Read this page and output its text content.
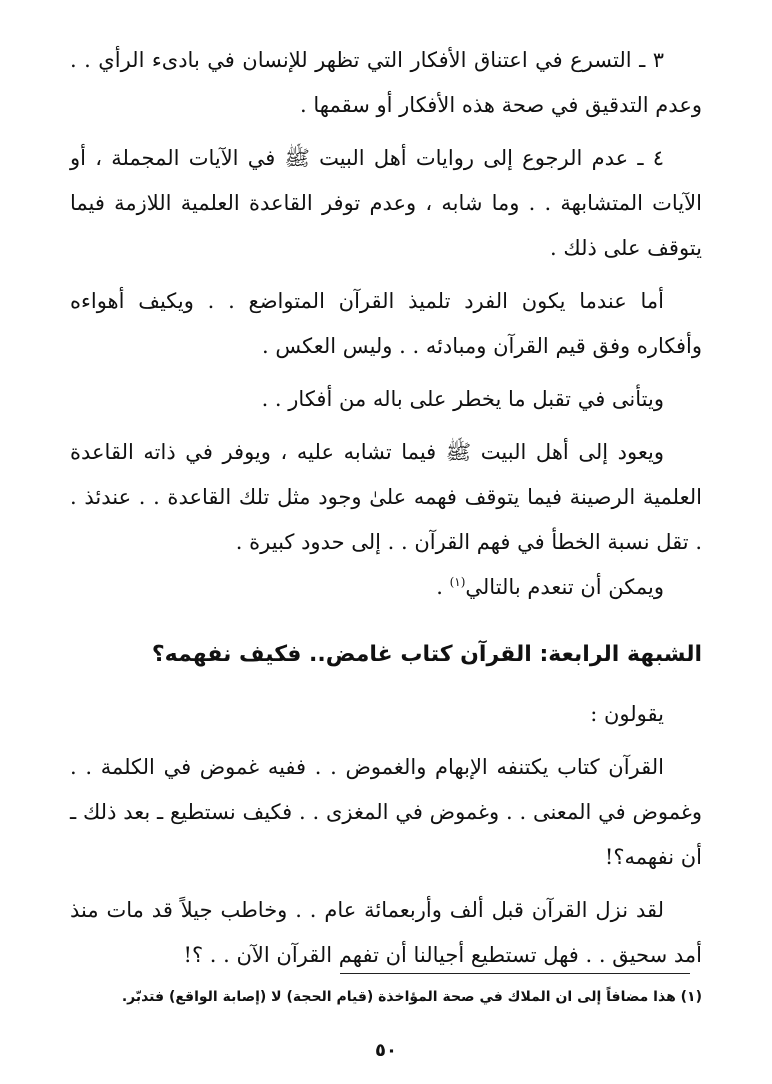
٣ ـ التسرع في اعتناق الأفكار التي تظهر للإنسان في بادىء الرأي . . وعدم التدقيق في صحة هذه الأفكار أو سقمها .

٤ ـ عدم الرجوع إلى روايات أهل البيت ﷺ في الآيات المجملة ، أو الآيات المتشابهة . . وما شابه ، وعدم توفر القاعدة العلمية اللازمة فيما يتوقف على ذلك .

أما عندما يكون الفرد تلميذ القرآن المتواضع . . ويكيف أهواءه وأفكاره وفق قيم القرآن ومبادئه . . وليس العكس .

ويتأنى في تقبل ما يخطر على باله من أفكار . .

ويعود إلى أهل البيت ﷺ فيما تشابه عليه ، ويوفر في ذاته القاعدة العلمية الرصينة فيما يتوقف فهمه علىٰ وجود مثل تلك القاعدة . . عندئذ . . تقل نسبة الخطأ في فهم القرآن . . إلى حدود كبيرة .

ويمكن أن تنعدم بالتالي$^{(١)}$ .

الشبهة الرابعة: القرآن كتاب غامض.. فكيف نفهمه؟

يقولون :

القرآن كتاب يكتنفه الإبهام والغموض . . ففيه غموض في الكلمة . . وغموض في المعنى . . وغموض في المغزى . . فكيف نستطيع ـ بعد ذلك ـ أن نفهمه؟!

لقد نزل القرآن قبل ألف وأربعمائة عام . . وخاطب جيلاً قد مات منذ أمد سحيق . . فهل تستطيع أجيالنا أن تفهم القرآن الآن . . ؟!

(١) هذا مضافاً إلى ان الملاك في صحة المؤاخذة (قيام الحجة) لا (إصابة الواقع) فتدبّر.
٥٠
